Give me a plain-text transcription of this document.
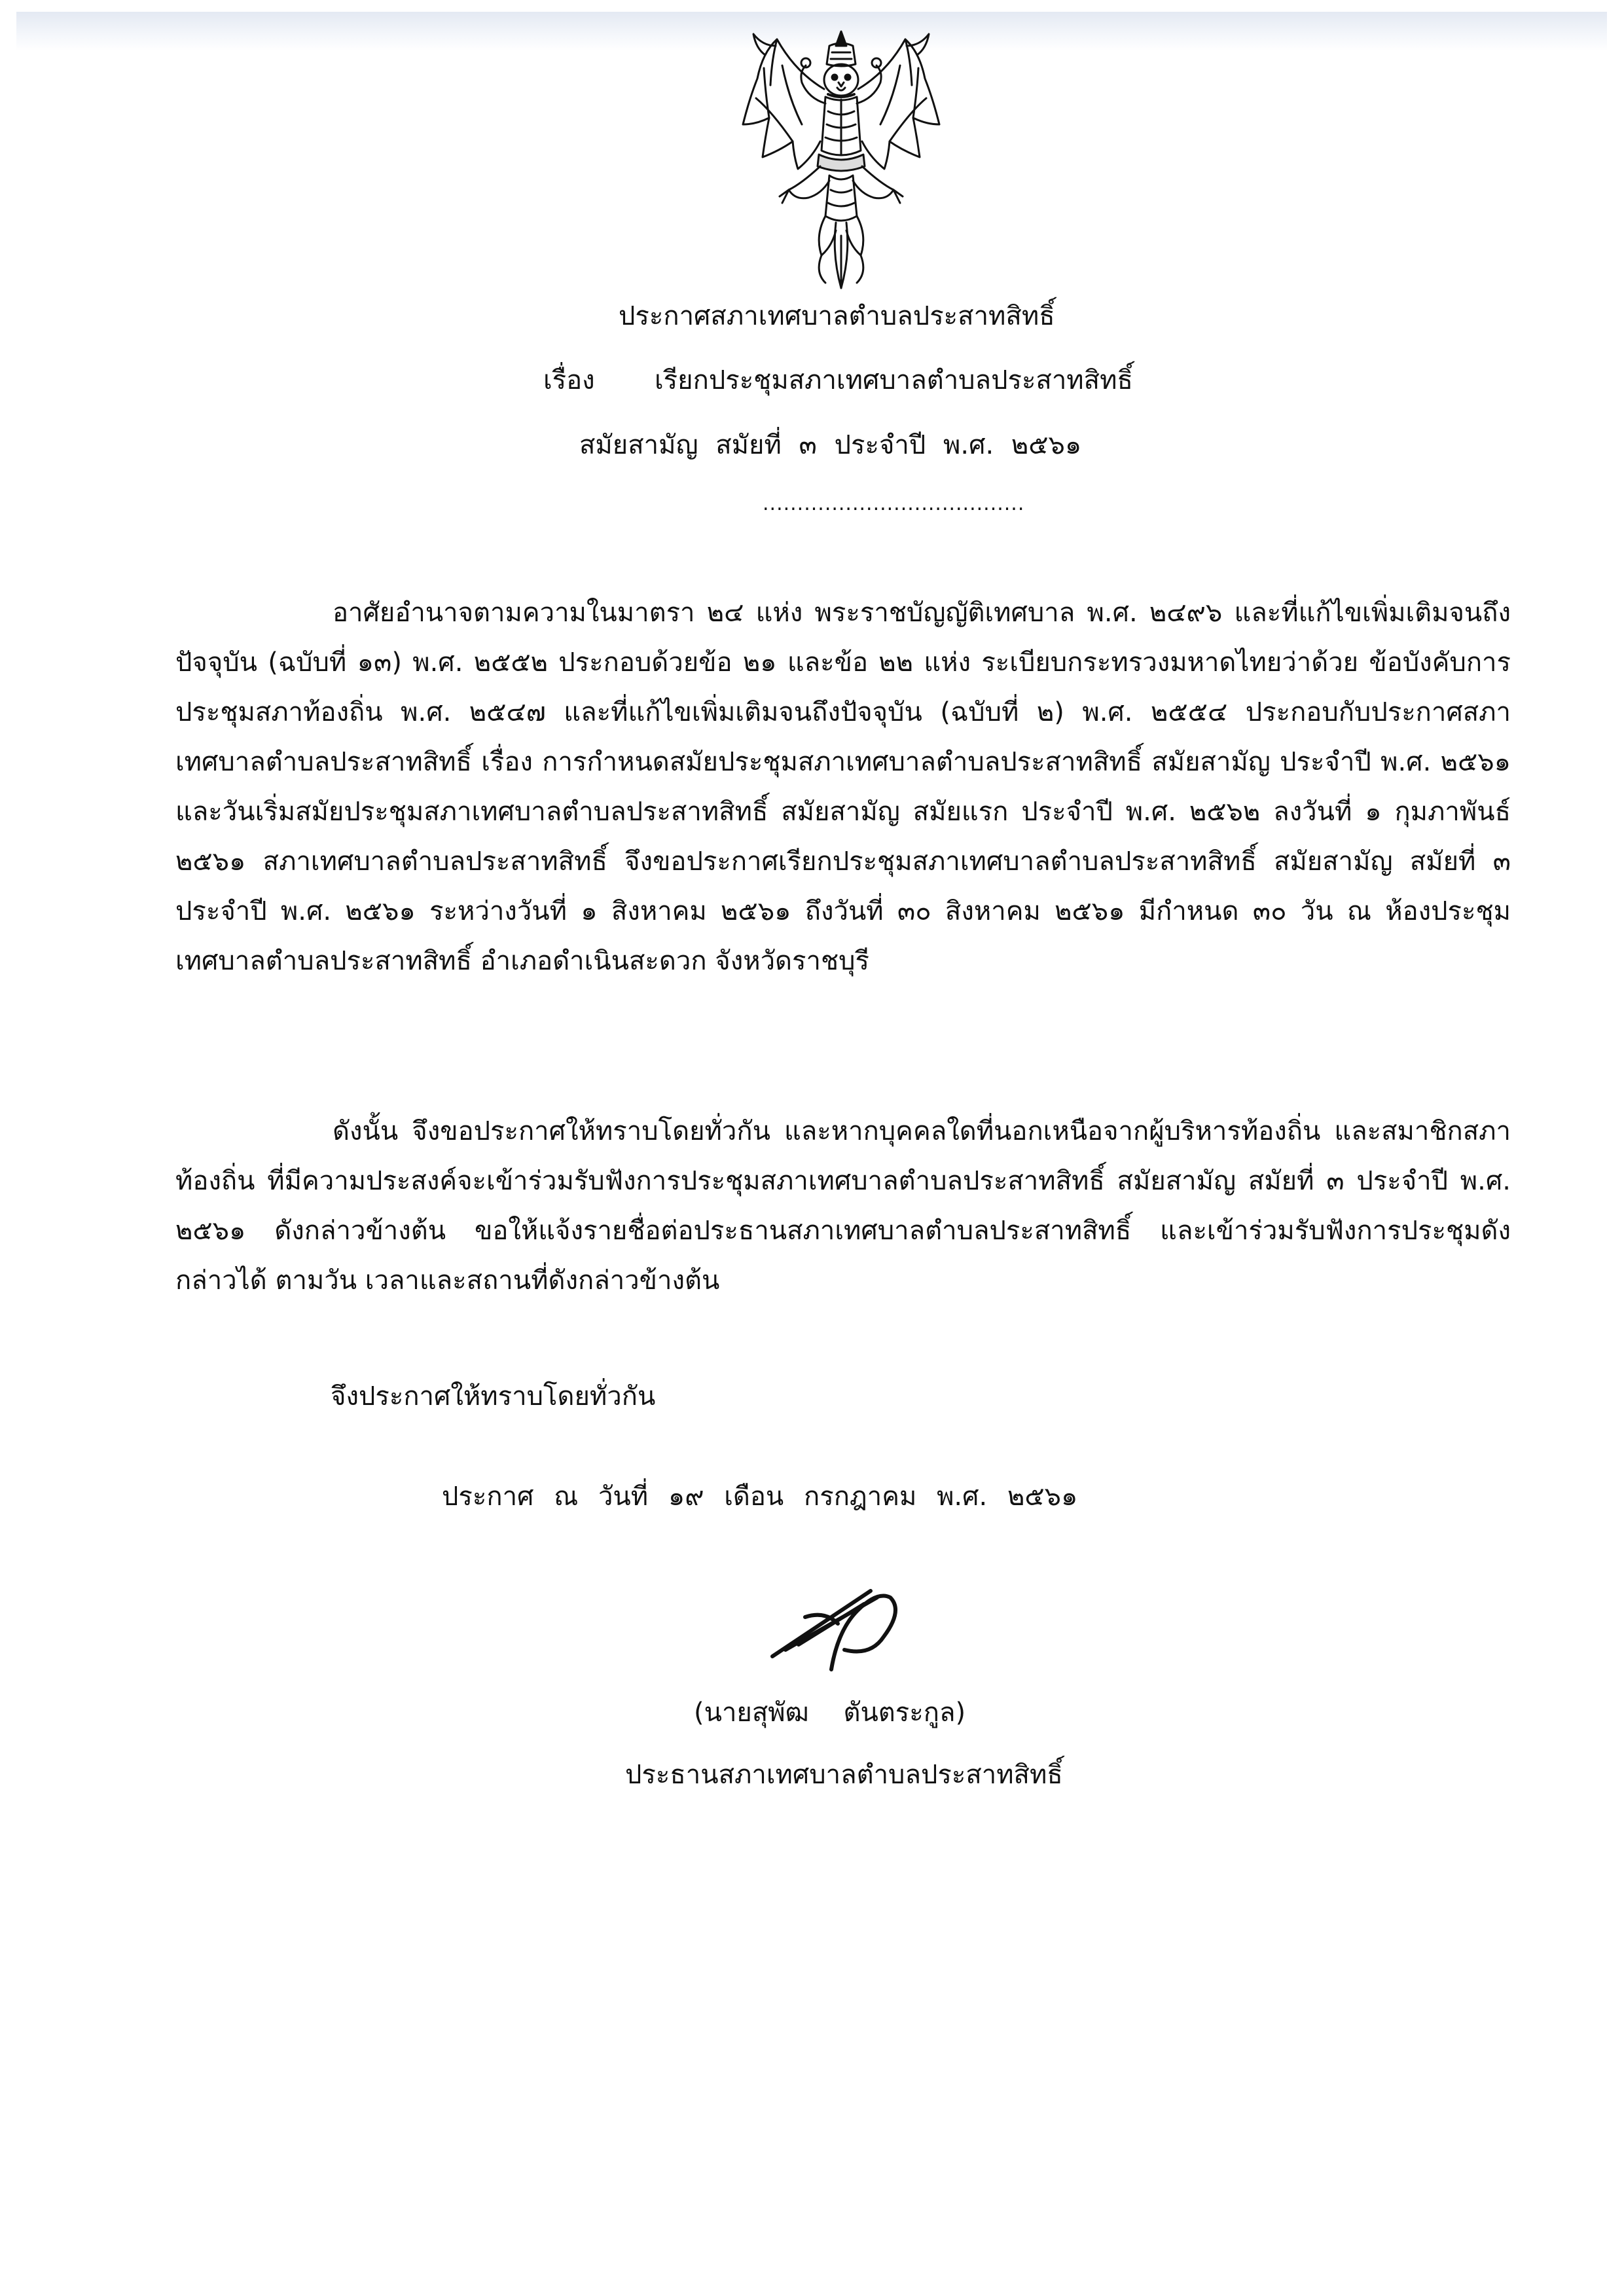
ประกาศสภาเทศบาลตำบลประสาทสิทธิ์
เรื่อง เรียกประชุมสภาเทศบาลตำบลประสาทสิทธิ์
สมัยสามัญ สมัยที่ ๓ ประจำปี พ.ศ. ๒๕๖๑
......................................

อาศัยอำนาจตามความในมาตรา ๒๔ แห่ง พระราชบัญญัติเทศบาล พ.ศ. ๒๔๙๖ และที่แก้ไขเพิ่มเติมจนถึงปัจจุบัน (ฉบับที่ ๑๓) พ.ศ. ๒๕๕๒ ประกอบด้วยข้อ ๒๑ และข้อ ๒๒ แห่ง ระเบียบกระทรวงมหาดไทยว่าด้วย ข้อบังคับการประชุมสภาท้องถิ่น พ.ศ. ๒๕๔๗ และที่แก้ไขเพิ่มเติมจนถึงปัจจุบัน (ฉบับที่ ๒) พ.ศ. ๒๕๕๔ ประกอบกับประกาศสภาเทศบาลตำบลประสาทสิทธิ์ เรื่อง การกำหนดสมัยประชุมสภาเทศบาลตำบลประสาทสิทธิ์ สมัยสามัญ ประจำปี พ.ศ. ๒๕๖๑ และวันเริ่มสมัยประชุมสภาเทศบาลตำบลประสาทสิทธิ์ สมัยสามัญ สมัยแรก ประจำปี พ.ศ. ๒๕๖๒ ลงวันที่ ๑ กุมภาพันธ์ ๒๕๖๑ สภาเทศบาลตำบลประสาทสิทธิ์ จึงขอประกาศเรียกประชุมสภาเทศบาลตำบลประสาทสิทธิ์ สมัยสามัญ สมัยที่ ๓ ประจำปี พ.ศ. ๒๕๖๑ ระหว่างวันที่ ๑ สิงหาคม ๒๕๖๑ ถึงวันที่ ๓๐ สิงหาคม ๒๕๖๑ มีกำหนด ๓๐ วัน ณ ห้องประชุมเทศบาลตำบลประสาทสิทธิ์ อำเภอดำเนินสะดวก จังหวัดราชบุรี

ดังนั้น จึงขอประกาศให้ทราบโดยทั่วกัน และหากบุคคลใดที่นอกเหนือจากผู้บริหารท้องถิ่น และสมาชิกสภาท้องถิ่น ที่มีความประสงค์จะเข้าร่วมรับฟังการประชุมสภาเทศบาลตำบลประสาทสิทธิ์ สมัยสามัญ สมัยที่ ๓ ประจำปี พ.ศ. ๒๕๖๑ ดังกล่าวข้างต้น ขอให้แจ้งรายชื่อต่อประธานสภาเทศบาลตำบลประสาทสิทธิ์ และเข้าร่วมรับฟังการประชุมดังกล่าวได้ ตามวัน เวลาและสถานที่ดังกล่าวข้างต้น

จึงประกาศให้ทราบโดยทั่วกัน
ประกาศ ณ วันที่ ๑๙ เดือน กรกฎาคม พ.ศ. ๒๕๖๑
(นายสุพัฒ ตันตระกูล)
ประธานสภาเทศบาลตำบลประสาทสิทธิ์
